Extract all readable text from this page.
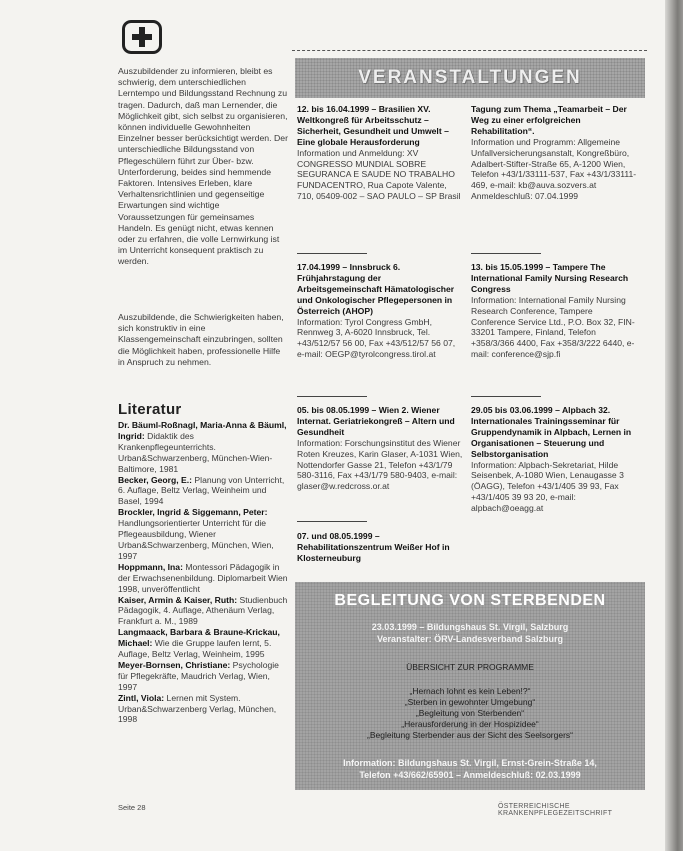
Auszubildender zu informieren, bleibt es schwierig, dem unterschiedlichen Lerntempo und Bildungsstand Rechnung zu tragen. Dadurch, daß man Lernender, die Möglichkeit gibt, sich selbst zu organisieren, können individuelle Gewohnheiten Einzelner besser berücksichtigt werden. Der unterschiedliche Bildungsstand von Pflegeschülern führt zur Über- bzw. Unterforderung, beides sind hemmende Faktoren. Intensives Erleben, klare Verhaltensrichtlinien und gegenseitige Erwartungen sind wichtige Voraussetzungen für gemeinsames Handeln. Es genügt nicht, etwas kennen oder zu erfahren, die volle Lernwirkung ist im Unterricht konsequent praktisch zu werden.

Auszubildende, die Schwierigkeiten haben, sich konstruktiv in eine Klassengemeinschaft einzubringen, sollten die Möglichkeit haben, professionelle Hilfe in Anspruch zu nehmen.

Literatur
Dr. Bäuml-Roßnagl, Maria-Anna & Bäuml, Ingrid: Didaktik des Krankenpflegeunterrichts. Urban&Schwarzenberg, München-Wien-Baltimore, 1981
Becker, Georg, E.: Planung von Unterricht, 6. Auflage, Beltz Verlag, Weinheim und Basel, 1994
Brockler, Ingrid & Siggemann, Peter: Handlungsorientierter Unterricht für die Pflegeausbildung, Wiener Urban&Schwarzenberg, München, Wien, 1997
Hoppmann, Ina: Montessori Pädagogik in der Erwachsenenbildung. Diplomarbeit Wien 1998, unveröffentlicht
Kaiser, Armin & Kaiser, Ruth: Studienbuch Pädagogik, 4. Auflage, Athenäum Verlag, Frankfurt a. M., 1989
Langmaack, Barbara & Braune-Krickau, Michael: Wie die Gruppe laufen lernt, 5. Auflage, Beltz Verlag, Weinheim, 1995
Meyer-Bornsen, Christiane: Psychologie für Pflegekräfte, Maudrich Verlag, Wien, 1997
Zintl, Viola: Lernen mit System. Urban&Schwarzenberg Verlag, München, 1998
VERANSTALTUNGEN
12. bis 16.04.1999 – Brasilien XV. Weltkongreß für Arbeitsschutz – Sicherheit, Gesundheit und Umwelt – Eine globale Herausforderung
Information und Anmeldung: XV CONGRESSO MUNDIAL SOBRE SEGURANCA E SAUDE NO TRABALHO FUNDACENTRO, Rua Capote Valente, 710, 05409-002 – SAO PAULO – SP Brasil
Tagung zum Thema „Teamarbeit – Der Weg zu einer erfolgreichen Rehabilitation“.
Information und Programm: Allgemeine Unfallversicherungsanstalt, Kongreßbüro, Adalbert-Stifter-Straße 65, A-1200 Wien, Telefon +43/1/33111-537, Fax +43/1/33111-469, e-mail: kb@auva.sozvers.at Anmeldeschluß: 07.04.1999
17.04.1999 – Innsbruck 6. Frühjahrstagung der Arbeitsgemeinschaft Hämatologischer und Onkologischer Pflegepersonen in Österreich (AHOP)
Information: Tyrol Congress GmbH, Rennweg 3, A-6020 Innsbruck, Tel. +43/512/57 56 00, Fax +43/512/57 56 07, e-mail: OEGP@tyrolcongress.tirol.at
13. bis 15.05.1999 – Tampere The International Family Nursing Research Congress
Information: International Family Nursing Research Conference, Tampere Conference Service Ltd., P.O. Box 32, FIN-33201 Tampere, Finland, Telefon +358/3/366 4400, Fax +358/3/222 6440, e-mail: conference@sjp.fi
05. bis 08.05.1999 – Wien 2. Wiener Internat. Geriatriekongreß – Altern und Gesundheit
Information: Forschungsinstitut des Wiener Roten Kreuzes, Karin Glaser, A-1031 Wien, Nottendorfer Gasse 21, Telefon +43/1/79 580-3116, Fax +43/1/79 580-9403, e-mail: glaser@w.redcross.or.at
29.05 bis 03.06.1999 – Alpbach 32. Internationales Trainingsseminar für Gruppendynamik in Alpbach, Lernen in Organisationen – Steuerung und Selbstorganisation
Information: Alpbach-Sekretariat, Hilde Seisenbek, A-1080 Wien, Lenaugasse 3 (ÖAGG), Telefon +43/1/405 39 93, Fax +43/1/405 39 93 20, e-mail: alpbach@oeagg.at
07. und 08.05.1999 – Rehabilitationszentrum Weißer Hof in Klosterneuburg
BEGLEITUNG VON STERBENDEN
23.03.1999 – Bildungshaus St. Virgil, Salzburg
Veranstalter: ÖRV-Landesverband Salzburg
ÜBERSICHT ZUR PROGRAMME
„Hernach lohnt es kein Leben!?“
„Sterben in gewohnter Umgebung“
„Begleitung von Sterbenden“
„Herausforderung in der Hospizidee“
„Begleitung Sterbender aus der Sicht des Seelsorgers“
Information: Bildungshaus St. Virgil, Ernst-Grein-Straße 14,
Telefon +43/662/65901 – Anmeldeschluß: 02.03.1999

Seite 28	ÖSTERREICHISCHE KRANKENPFLEGEZEITSCHRIFT
